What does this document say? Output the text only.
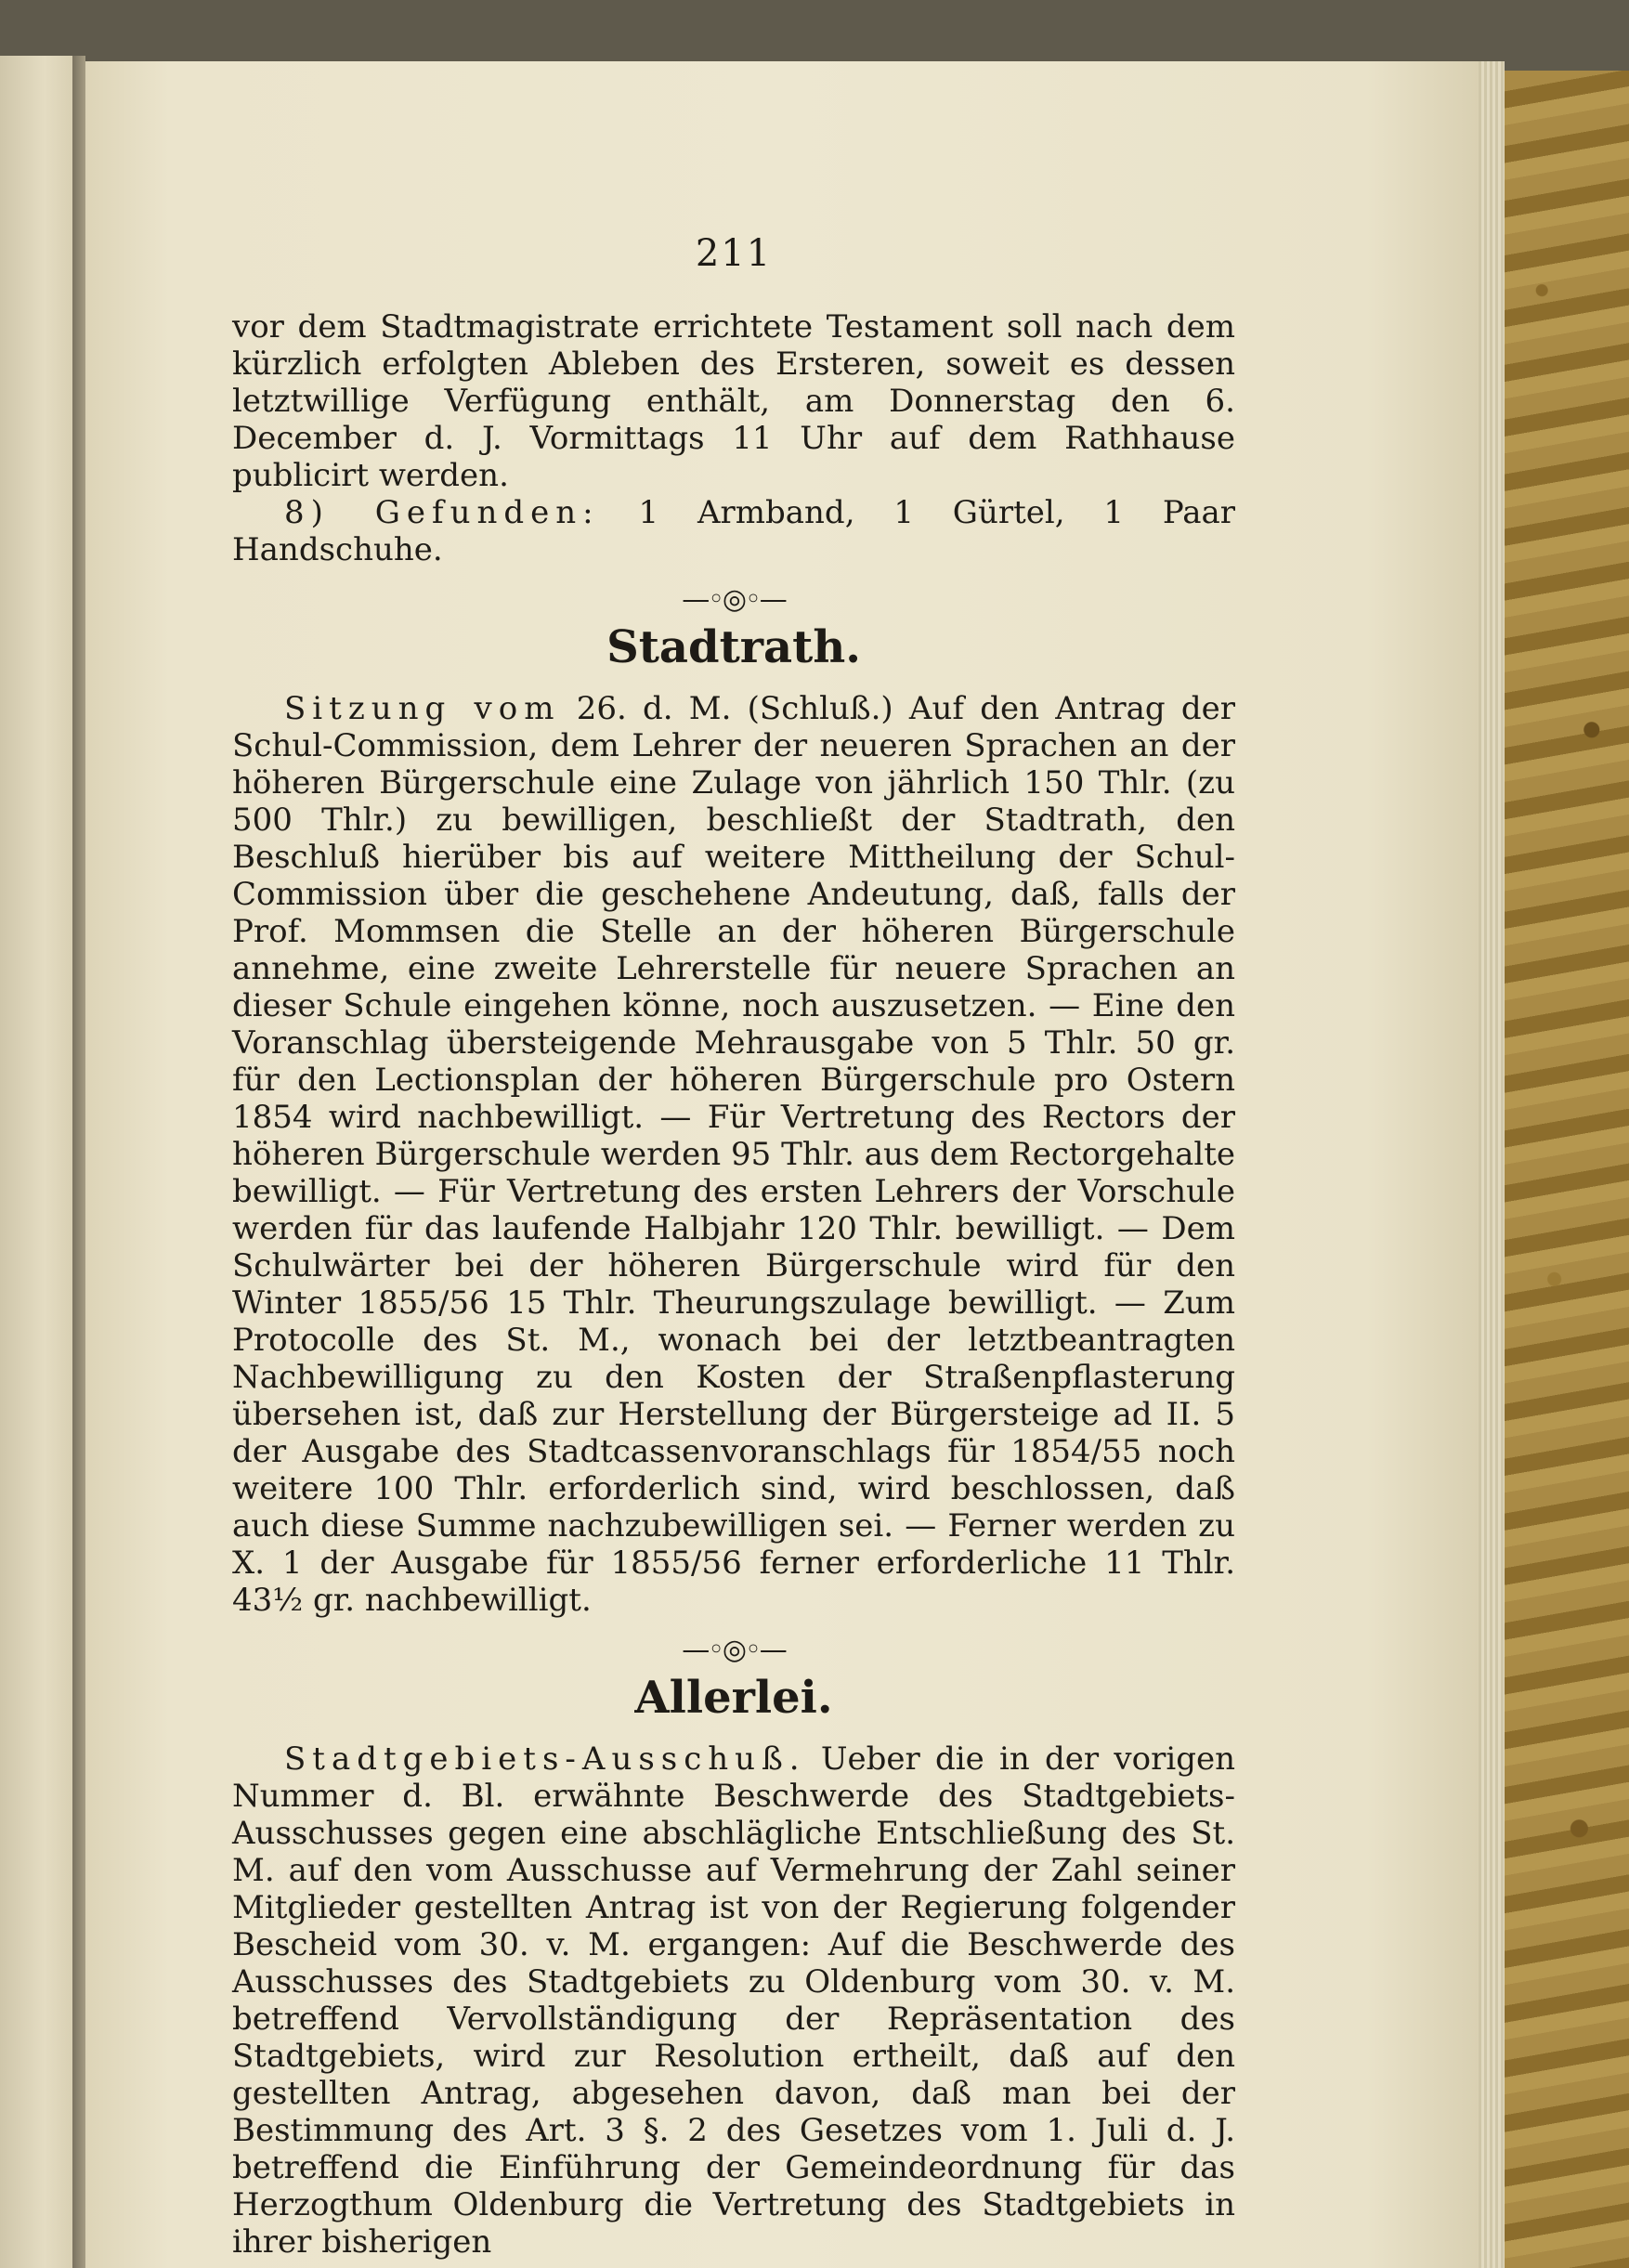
211

vor dem Stadtmagistrate errichtete Testament soll nach dem kürzlich erfolgten Ableben des Ersteren, soweit es dessen letztwillige Verfügung enthält, am Donnerstag den 6. December d. J. Vormittags 11 Uhr auf dem Rathhause publicirt werden.

8) Gefunden: 1 Armband, 1 Gürtel, 1 Paar Handschuhe.

—◦◎◦—
Stadtrath.

Sitzung vom 26. d. M. (Schluß.) Auf den Antrag der Schul-Commission, dem Lehrer der neueren Sprachen an der höheren Bürgerschule eine Zulage von jährlich 150 Thlr. (zu 500 Thlr.) zu bewilligen, beschließt der Stadtrath, den Beschluß hierüber bis auf weitere Mittheilung der Schul-Commission über die geschehene Andeutung, daß, falls der Prof. Mommsen die Stelle an der höheren Bürgerschule annehme, eine zweite Lehrerstelle für neuere Sprachen an dieser Schule eingehen könne, noch auszusetzen. — Eine den Voranschlag übersteigende Mehrausgabe von 5 Thlr. 50 gr. für den Lectionsplan der höheren Bürgerschule pro Ostern 1854 wird nachbewilligt. — Für Vertretung des Rectors der höheren Bürgerschule werden 95 Thlr. aus dem Rectorgehalte bewilligt. — Für Vertretung des ersten Lehrers der Vorschule werden für das laufende Halbjahr 120 Thlr. bewilligt. — Dem Schulwärter bei der höheren Bürgerschule wird für den Winter 1855/56 15 Thlr. Theurungszulage bewilligt. — Zum Protocolle des St. M., wonach bei der letztbeantragten Nachbewilligung zu den Kosten der Straßenpflasterung übersehen ist, daß zur Herstellung der Bürgersteige ad II. 5 der Ausgabe des Stadtcassenvoranschlags für 1854/55 noch weitere 100 Thlr. erforderlich sind, wird beschlossen, daß auch diese Summe nachzubewilligen sei. — Ferner werden zu X. 1 der Ausgabe für 1855/56 ferner erforderliche 11 Thlr. 43½ gr. nachbewilligt.

—◦◎◦—
Allerlei.

Stadtgebiets-Ausschuß. Ueber die in der vorigen Nummer d. Bl. erwähnte Beschwerde des Stadtgebiets-Ausschusses gegen eine abschlägliche Entschließung des St. M. auf den vom Ausschusse auf Vermehrung der Zahl seiner Mitglieder gestellten Antrag ist von der Regierung folgender Bescheid vom 30. v. M. ergangen: Auf die Beschwerde des Ausschusses des Stadtgebiets zu Oldenburg vom 30. v. M. betreffend Vervollständigung der Repräsentation des Stadtgebiets, wird zur Resolution ertheilt, daß auf den gestellten Antrag, abgesehen davon, daß man bei der Bestimmung des Art. 3 §. 2 des Gesetzes vom 1. Juli d. J. betreffend die Einführung der Gemeindeordnung für das Herzogthum Oldenburg die Vertretung des Stadtgebiets in ihrer bisherigen
